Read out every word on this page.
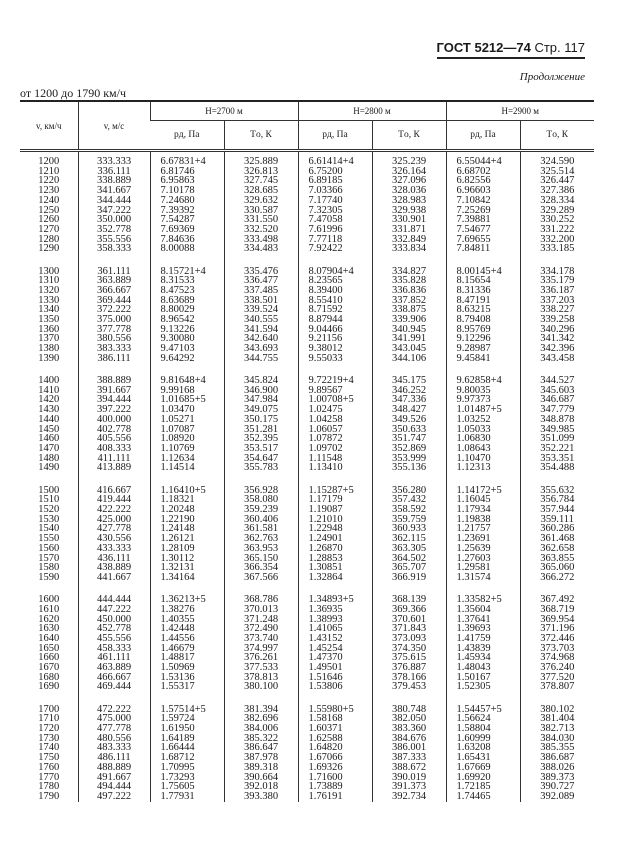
ГОСТ 5212—74 Стр. 117
Продолжение
от 1200 до 1790 км/ч
v, км/ч	v, м/с	H=2700 м		H=2800 м		H=2900 м	
		pд, Па	Tо, К	pд, Па	Tо, К	pд, Па	Tо, К

1200	333.333	6.67831+4	325.889	6.61414+4	325.239	6.55044+4	324.590
1210	336.111	6.81746	326.813	6.75200	326.164	6.68702	325.514
1220	338.889	6.95863	327.745	6.89185	327.096	6.82556	326.447
1230	341.667	7.10178	328.685	7.03366	328.036	6.96603	327.386
1240	344.444	7.24680	329.632	7.17740	328.983	7.10842	328.334
1250	347.222	7.39392	330.587	7.32305	329.938	7.25269	329.289
1260	350.000	7.54287	331.550	7.47058	330.901	7.39881	330.252
1270	352.778	7.69369	332.520	7.61996	331.871	7.54677	331.222
1280	355.556	7.84636	333.498	7.77118	332.849	7.69655	332.200
1290	358.333	8.00088	334.483	7.92422	333.834	7.84811	333.185

1300	361.111	8.15721+4	335.476	8.07904+4	334.827	8.00145+4	334.178
1310	363.889	8.31533	336.477	8.23565	335.828	8.15654	335.179
1320	366.667	8.47523	337.485	8.39400	336.836	8.31336	336.187
1330	369.444	8.63689	338.501	8.55410	337.852	8.47191	337.203
1340	372.222	8.80029	339.524	8.71592	338.875	8.63215	338.227
1350	375.000	8.96542	340.555	8.87944	339.906	8.79408	339.258
1360	377.778	9.13226	341.594	9.04466	340.945	8.95769	340.296
1370	380.556	9.30080	342.640	9.21156	341.991	9.12296	341.342
1380	383.333	9.47103	343.693	9.38012	343.045	9.28987	342.396
1390	386.111	9.64292	344.755	9.55033	344.106	9.45841	343.458

1400	388.889	9.81648+4	345.824	9.72219+4	345.175	9.62858+4	344.527
1410	391.667	9.99168	346.900	9.89567	346.252	9.80035	345.603
1420	394.444	1.01685+5	347.984	1.00708+5	347.336	9.97373	346.687
1430	397.222	1.03470	349.075	1.02475	348.427	1.01487+5	347.779
1440	400.000	1.05271	350.175	1.04258	349.526	1.03252	348.878
1450	402.778	1.07087	351.281	1.06057	350.633	1.05033	349.985
1460	405.556	1.08920	352.395	1.07872	351.747	1.06830	351.099
1470	408.333	1.10769	353.517	1.09702	352.869	1.08643	352.221
1480	411.111	1.12634	354.647	1.11548	353.999	1.10470	353.351
1490	413.889	1.14514	355.783	1.13410	355.136	1.12313	354.488

1500	416.667	1.16410+5	356.928	1.15287+5	356.280	1.14172+5	355.632
1510	419.444	1.18321	358.080	1.17179	357.432	1.16045	356.784
1520	422.222	1.20248	359.239	1.19087	358.592	1.17934	357.944
1530	425.000	1.22190	360.406	1.21010	359.759	1.19838	359.111
1540	427.778	1.24148	361.581	1.22948	360.933	1.21757	360.286
1550	430.556	1.26121	362.763	1.24901	362.115	1.23691	361.468
1560	433.333	1.28109	363.953	1.26870	363.305	1.25639	362.658
1570	436.111	1.30112	365.150	1.28853	364.502	1.27603	363.855
1580	438.889	1.32131	366.354	1.30851	365.707	1.29581	365.060
1590	441.667	1.34164	367.566	1.32864	366.919	1.31574	366.272

1600	444.444	1.36213+5	368.786	1.34893+5	368.139	1.33582+5	367.492
1610	447.222	1.38276	370.013	1.36935	369.366	1.35604	368.719
1620	450.000	1.40355	371.248	1.38993	370.601	1.37641	369.954
1630	452.778	1.42448	372.490	1.41065	371.843	1.39693	371.196
1640	455.556	1.44556	373.740	1.43152	373.093	1.41759	372.446
1650	458.333	1.46679	374.997	1.45254	374.350	1.43839	373.703
1660	461.111	1.48817	376.261	1.47370	375.615	1.45934	374.968
1670	463.889	1.50969	377.533	1.49501	376.887	1.48043	376.240
1680	466.667	1.53136	378.813	1.51646	378.166	1.50167	377.520
1690	469.444	1.55317	380.100	1.53806	379.453	1.52305	378.807

1700	472.222	1.57514+5	381.394	1.55980+5	380.748	1.54457+5	380.102
1710	475.000	1.59724	382.696	1.58168	382.050	1.56624	381.404
1720	477.778	1.61950	384.006	1.60371	383.360	1.58804	382.713
1730	480.556	1.64189	385.322	1.62588	384.676	1.60999	384.030
1740	483.333	1.66444	386.647	1.64820	386.001	1.63208	385.355
1750	486.111	1.68712	387.978	1.67066	387.333	1.65431	386.687
1760	488.889	1.70995	389.318	1.69326	388.672	1.67669	388.026
1770	491.667	1.73293	390.664	1.71600	390.019	1.69920	389.373
1780	494.444	1.75605	392.018	1.73889	391.373	1.72185	390.727
1790	497.222	1.77931	393.380	1.76191	392.734	1.74465	392.089
